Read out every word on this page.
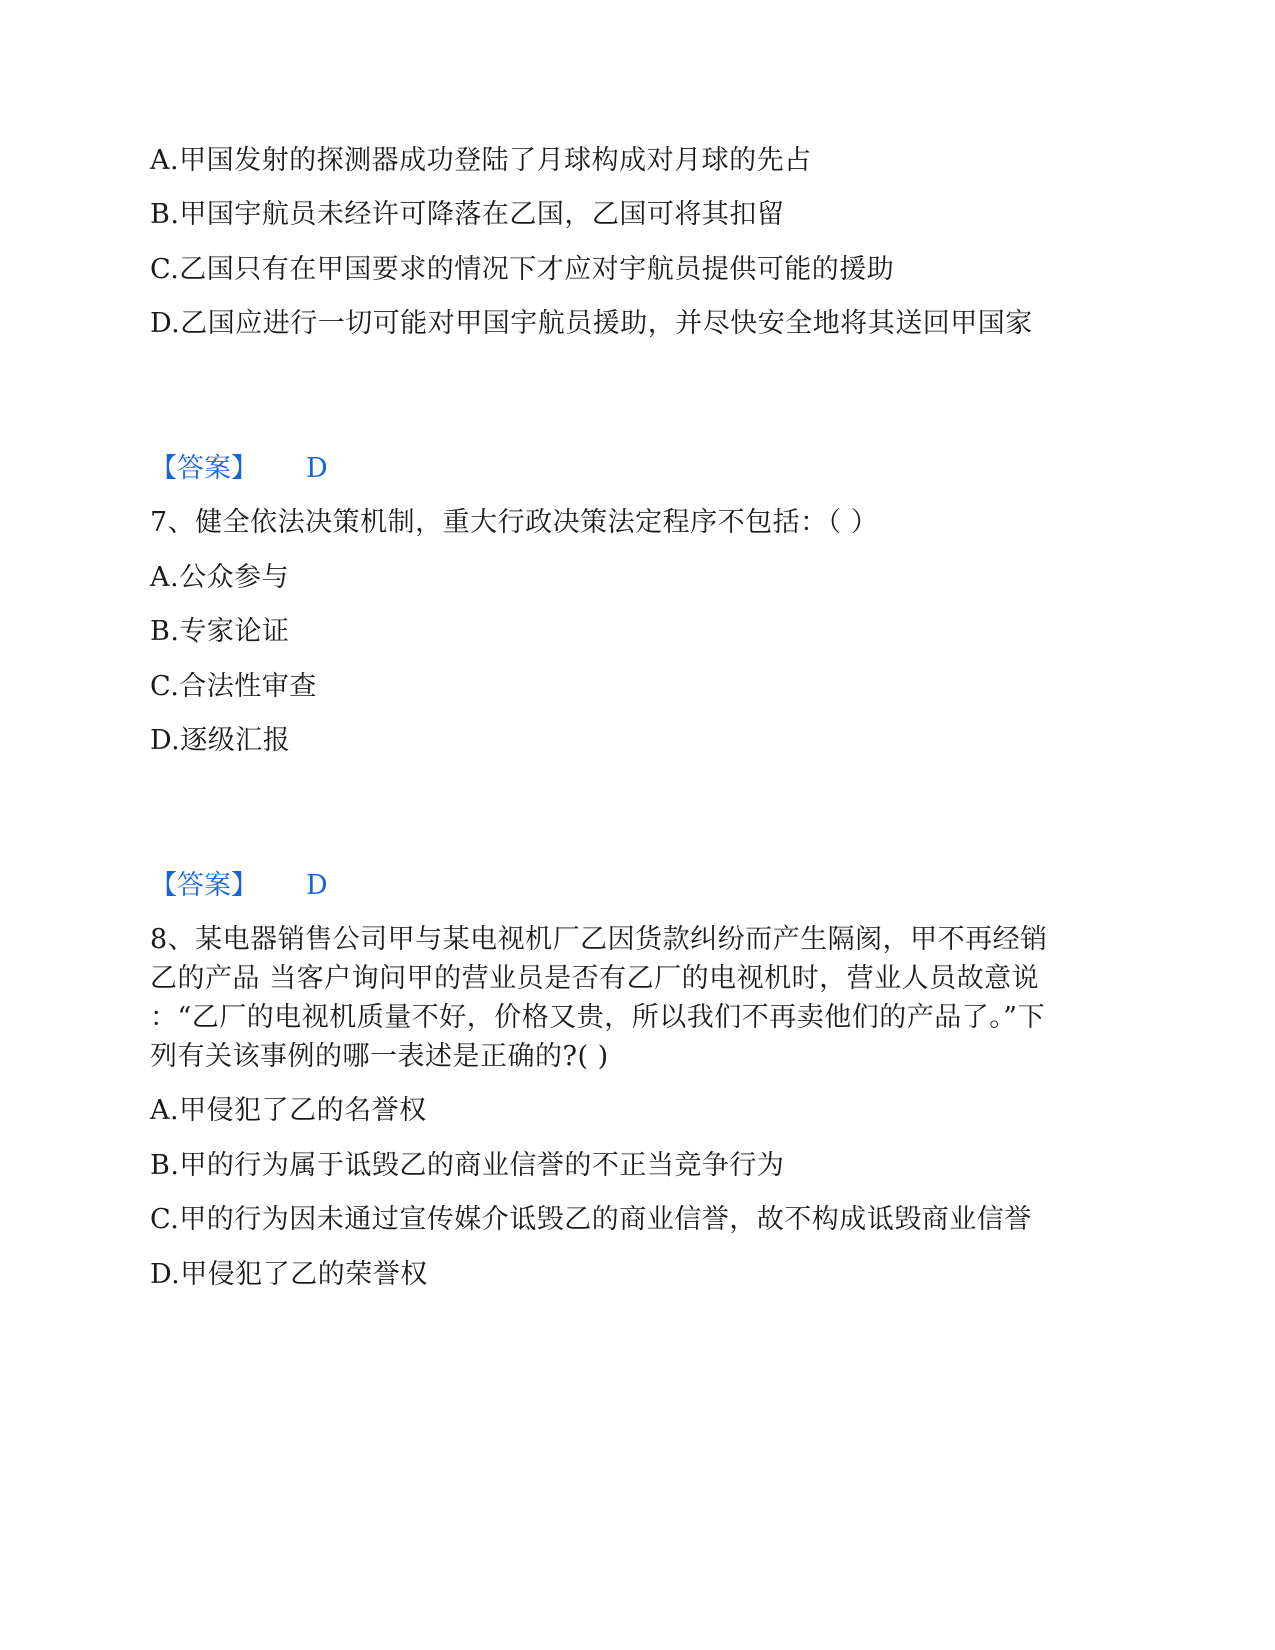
A.甲国发射的探测器成功登陆了月球构成对月球的先占
B.甲国宇航员未经许可降落在乙国，乙国可将其扣留
C.乙国只有在甲国要求的情况下才应对宇航员提供可能的援助
D.乙国应进行一切可能对甲国宇航员援助，并尽快安全地将其送回甲国家
【答案】 D
7、健全依法决策机制，重大行政决策法定程序不包括：（ ）
A.公众参与
B.专家论证
C.合法性审查
D.逐级汇报
【答案】 D
8、某电器销售公司甲与某电视机厂乙因货款纠纷而产生隔阂，甲不再经销
乙的产品 当客户询问甲的营业员是否有乙厂的电视机时，营业人员故意说
：“乙厂的电视机质量不好，价格又贵，所以我们不再卖他们的产品了。”下
列有关该事例的哪一表述是正确的?( )
A.甲侵犯了乙的名誉权
B.甲的行为属于诋毁乙的商业信誉的不正当竞争行为
C.甲的行为因未通过宣传媒介诋毁乙的商业信誉，故不构成诋毁商业信誉
D.甲侵犯了乙的荣誉权
